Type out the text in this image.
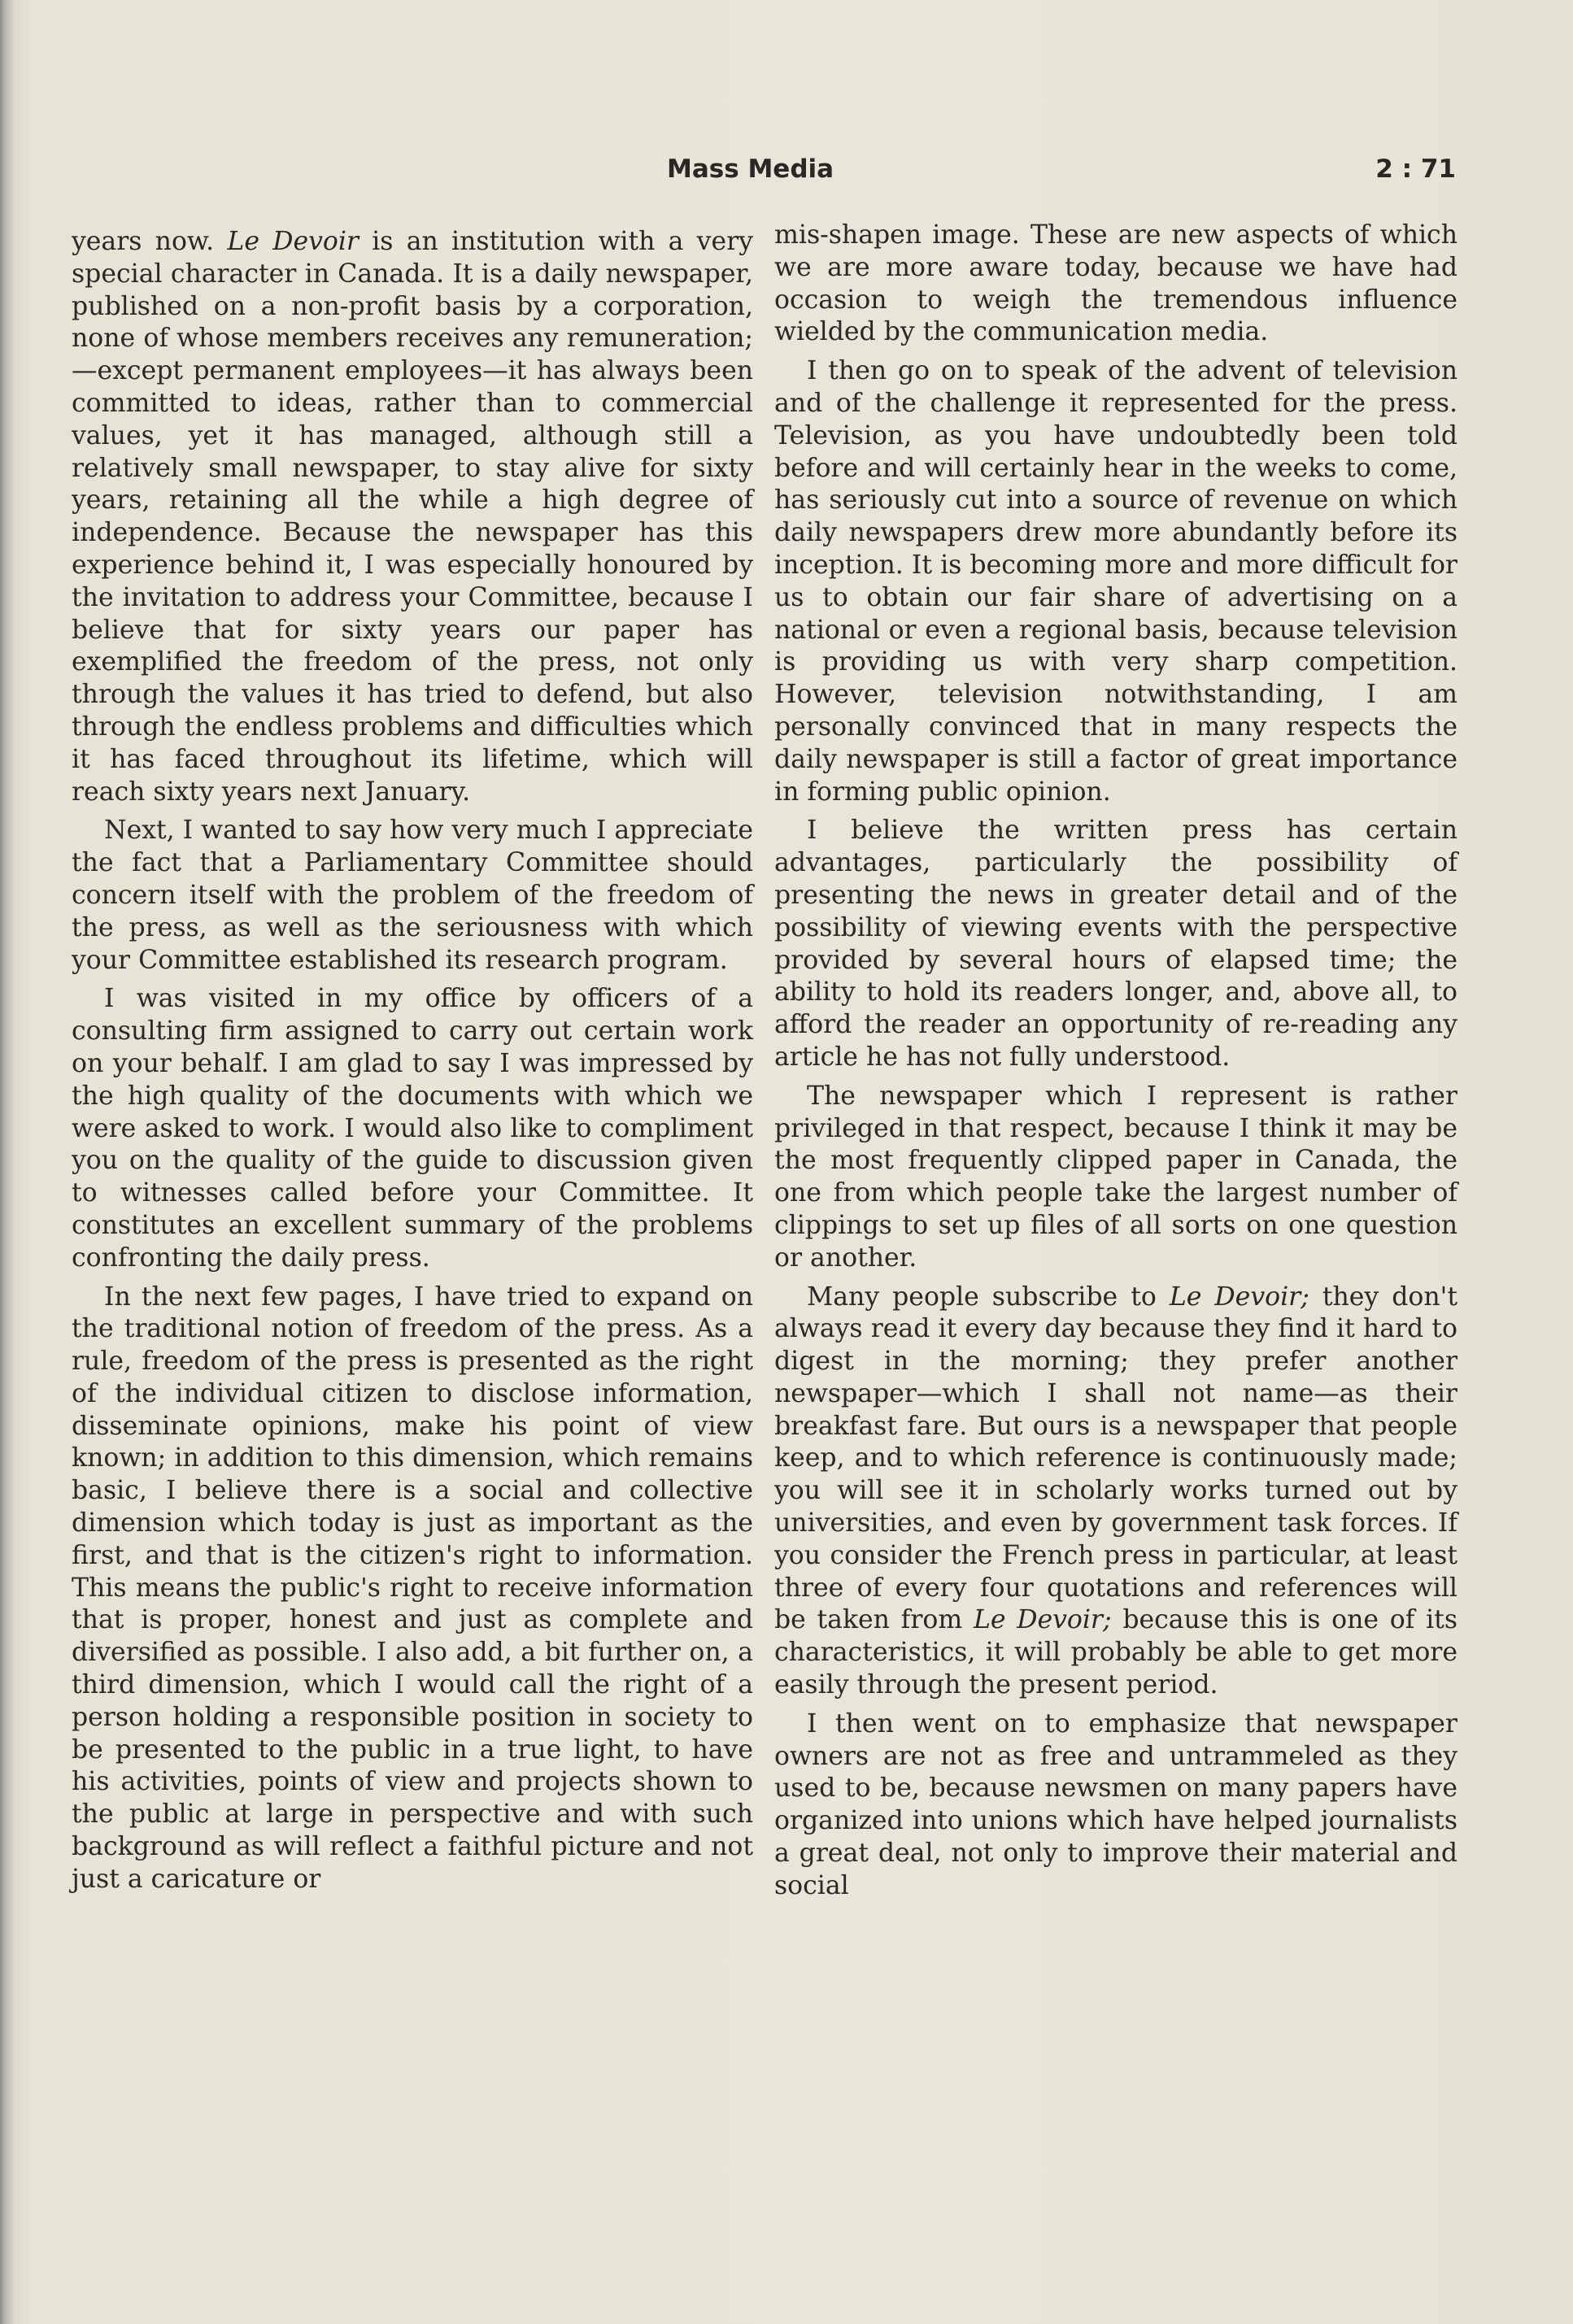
Mass Media	2 : 71

years now. Le Devoir is an institution with a very special character in Canada. It is a daily newspaper, published on a non-profit basis by a corporation, none of whose members receives any remuneration;—except permanent employees—it has always been committed to ideas, rather than to commercial values, yet it has managed, although still a relatively small newspaper, to stay alive for sixty years, retaining all the while a high degree of independence. Because the newspaper has this experience behind it, I was especially honoured by the invitation to address your Committee, because I believe that for sixty years our paper has exemplified the freedom of the press, not only through the values it has tried to defend, but also through the endless problems and difficulties which it has faced throughout its lifetime, which will reach sixty years next January.

Next, I wanted to say how very much I appreciate the fact that a Parliamentary Committee should concern itself with the problem of the freedom of the press, as well as the seriousness with which your Committee established its research program.

I was visited in my office by officers of a consulting firm assigned to carry out certain work on your behalf. I am glad to say I was impressed by the high quality of the documents with which we were asked to work. I would also like to compliment you on the quality of the guide to discussion given to witnesses called before your Committee. It constitutes an excellent summary of the problems confronting the daily press.

In the next few pages, I have tried to expand on the traditional notion of freedom of the press. As a rule, freedom of the press is presented as the right of the individual citizen to disclose information, disseminate opinions, make his point of view known; in addition to this dimension, which remains basic, I believe there is a social and collective dimension which today is just as important as the first, and that is the citizen's right to information. This means the public's right to receive information that is proper, honest and just as complete and diversified as possible. I also add, a bit further on, a third dimension, which I would call the right of a person holding a responsible position in society to be presented to the public in a true light, to have his activities, points of view and projects shown to the public at large in perspective and with such background as will reflect a faithful picture and not just a caricature or

mis-shapen image. These are new aspects of which we are more aware today, because we have had occasion to weigh the tremendous influence wielded by the communication media.

I then go on to speak of the advent of television and of the challenge it represented for the press. Television, as you have undoubtedly been told before and will certainly hear in the weeks to come, has seriously cut into a source of revenue on which daily newspapers drew more abundantly before its inception. It is becoming more and more difficult for us to obtain our fair share of advertising on a national or even a regional basis, because television is providing us with very sharp competition. However, television notwithstanding, I am personally convinced that in many respects the daily newspaper is still a factor of great importance in forming public opinion.

I believe the written press has certain advantages, particularly the possibility of presenting the news in greater detail and of the possibility of viewing events with the perspective provided by several hours of elapsed time; the ability to hold its readers longer, and, above all, to afford the reader an opportunity of re-reading any article he has not fully understood.

The newspaper which I represent is rather privileged in that respect, because I think it may be the most frequently clipped paper in Canada, the one from which people take the largest number of clippings to set up files of all sorts on one question or another.

Many people subscribe to Le Devoir; they don't always read it every day because they find it hard to digest in the morning; they prefer another newspaper—which I shall not name—as their breakfast fare. But ours is a newspaper that people keep, and to which reference is continuously made; you will see it in scholarly works turned out by universities, and even by government task forces. If you consider the French press in particular, at least three of every four quotations and references will be taken from Le Devoir; because this is one of its characteristics, it will probably be able to get more easily through the present period.

I then went on to emphasize that newspaper owners are not as free and untrammeled as they used to be, because newsmen on many papers have organized into unions which have helped journalists a great deal, not only to improve their material and social
